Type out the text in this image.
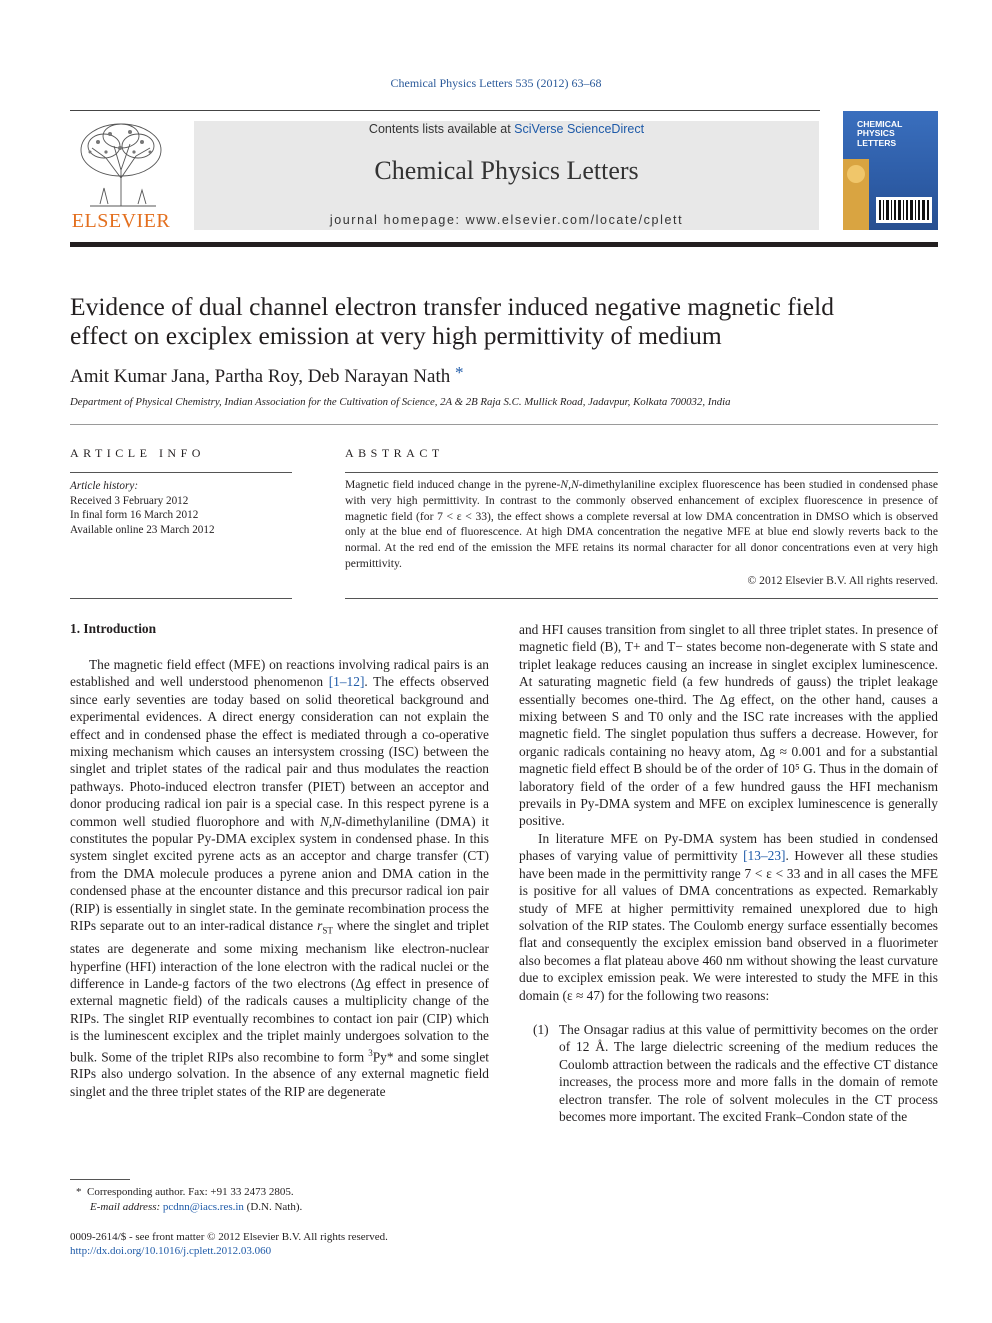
Chemical Physics Letters 535 (2012) 63–68
ELSEVIER
Contents lists available at SciVerse ScienceDirect
Chemical Physics Letters
journal homepage: www.elsevier.com/locate/cplett
CHEMICAL
PHYSICS
LETTERS
Evidence of dual channel electron transfer induced negative magnetic field
effect on exciplex emission at very high permittivity of medium
Amit Kumar Jana, Partha Roy, Deb Narayan Nath *
Department of Physical Chemistry, Indian Association for the Cultivation of Science, 2A & 2B Raja S.C. Mullick Road, Jadavpur, Kolkata 700032, India
ARTICLE INFO
Article history:
Received 3 February 2012
In final form 16 March 2012
Available online 23 March 2012
ABSTRACT
Magnetic field induced change in the pyrene-N,N-dimethylaniline exciplex fluorescence has been studied in condensed phase with very high permittivity. In contrast to the commonly observed enhancement of exciplex fluorescence in presence of magnetic field (for 7 < ε < 33), the effect shows a complete reversal at low DMA concentration in DMSO which is observed only at the blue end of fluorescence. At high DMA concentration the negative MFE at blue end slowly reverts back to the normal. At the red end of the emission the MFE retains its normal character for all donor concentrations even at very high permittivity.
© 2012 Elsevier B.V. All rights reserved.
1. Introduction

The magnetic field effect (MFE) on reactions involving radical pairs is an established and well understood phenomenon [1–12]. The effects observed since early seventies are today based on solid theoretical background and experimental evidences. A direct energy consideration can not explain the effect and in condensed phase the effect is mediated through a co-operative mixing mechanism which causes an intersystem crossing (ISC) between the singlet and triplet states of the radical pair and thus modulates the reaction pathways. Photo-induced electron transfer (PIET) between an acceptor and donor producing radical ion pair is a special case. In this respect pyrene is a common well studied fluorophore and with N,N-dimethylaniline (DMA) it constitutes the popular Py-DMA exciplex system in condensed phase. In this system singlet excited pyrene acts as an acceptor and charge transfer (CT) from the DMA molecule produces a pyrene anion and DMA cation in the condensed phase at the encounter distance and this precursor radical ion pair (RIP) is essentially in singlet state. In the geminate recombination process the RIPs separate out to an inter-radical distance $r_{ST}$ where the singlet and triplet states are degenerate and some mixing mechanism like electron-nuclear hyperfine (HFI) interaction of the lone electron with the radical nuclei or the difference in Lande-g factors of the two electrons (Δg effect in presence of external magnetic field) of the radicals causes a multiplicity change of the RIPs. The singlet RIP eventually recombines to contact ion pair (CIP) which is the luminescent exciplex and the triplet mainly undergoes solvation to the bulk. Some of the triplet RIPs also recombine to form $^3$Py* and some singlet RIPs also undergo solvation. In the absence of any external magnetic field singlet and the three triplet states of the RIP are degenerate

* Corresponding author. Fax: +91 33 2473 2805.
E-mail address: pcdnn@iacs.res.in (D.N. Nath).
0009-2614/$ - see front matter © 2012 Elsevier B.V. All rights reserved.
http://dx.doi.org/10.1016/j.cplett.2012.03.060

and HFI causes transition from singlet to all three triplet states. In presence of magnetic field (B), T+ and T− states become non-degenerate with S state and triplet leakage reduces causing an increase in singlet exciplex luminescence. At saturating magnetic field (a few hundreds of gauss) the triplet leakage essentially becomes one-third. The Δg effect, on the other hand, causes a mixing between S and T0 only and the ISC rate increases with the applied magnetic field. The singlet population thus suffers a decrease. However, for organic radicals containing no heavy atom, Δg ≈ 0.001 and for a substantial magnetic field effect B should be of the order of 10⁵ G. Thus in the domain of laboratory field of the order of a few hundred gauss the HFI mechanism prevails in Py-DMA system and MFE on exciplex luminescence is generally positive.

In literature MFE on Py-DMA system has been studied in condensed phases of varying value of permittivity [13–23]. However all these studies have been made in the permittivity range 7 < ε < 33 and in all cases the MFE is positive for all values of DMA concentrations as expected. Remarkably study of MFE at higher permittivity remained unexplored due to high solvation of the RIP states. The Coulomb energy surface essentially becomes flat and consequently the exciplex emission band observed in a fluorimeter also becomes a flat plateau above 460 nm without showing the least curvature due to exciplex emission peak. We were interested to study the MFE in this domain (ε ≈ 47) for the following two reasons:

(1) The Onsagar radius at this value of permittivity becomes on the order of 12 Å. The large dielectric screening of the medium reduces the Coulomb attraction between the radicals and the effective CT distance increases, the process more and more falls in the domain of remote electron transfer. The role of solvent molecules in the CT process becomes more important. The excited Frank–Condon state of the
